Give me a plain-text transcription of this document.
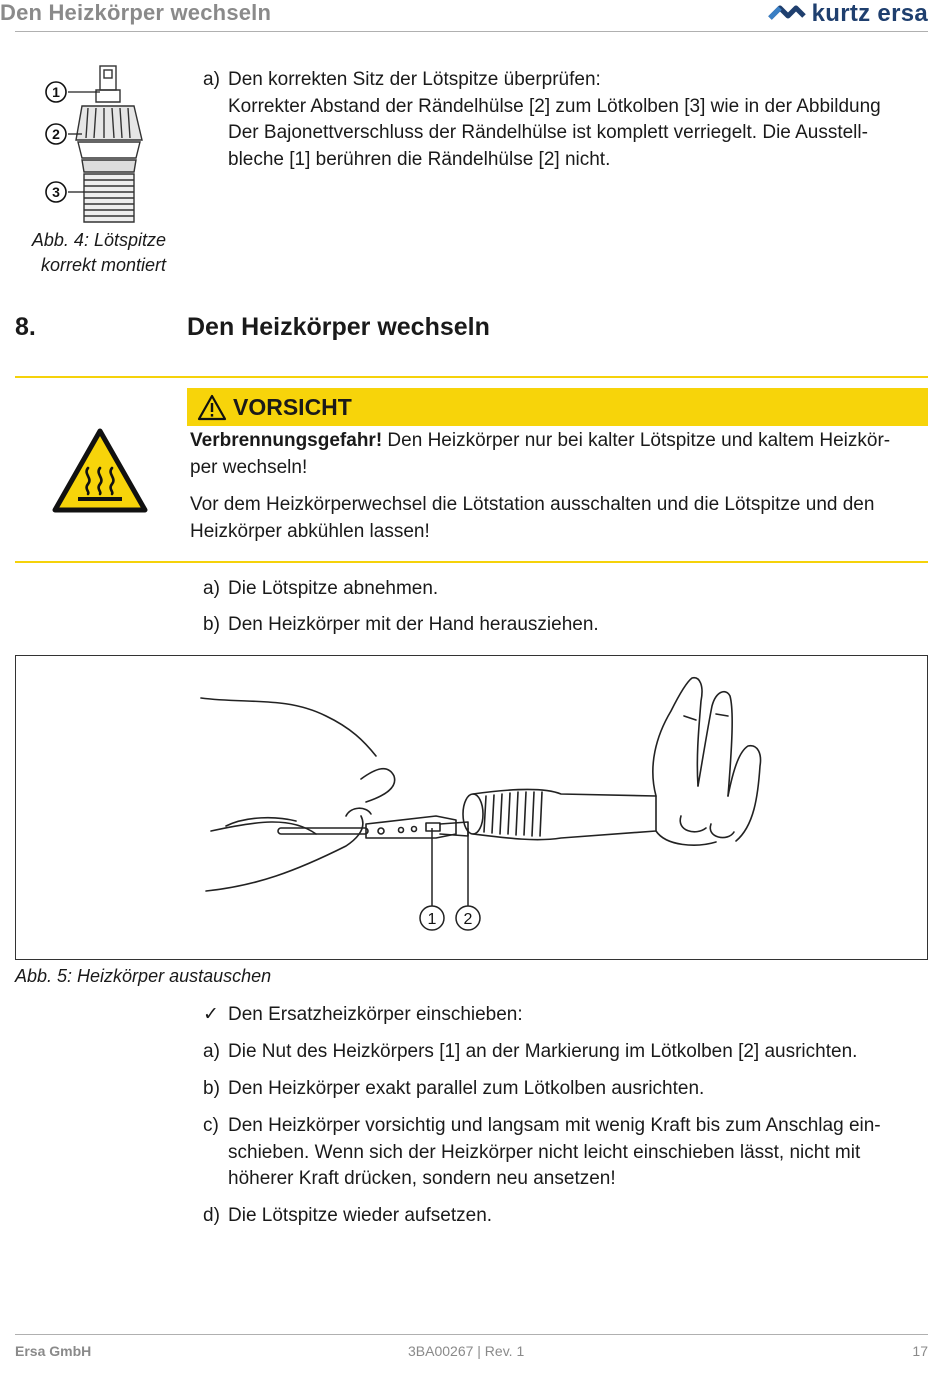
Den Heizkörper wechseln	kurtz ersa
1
2
3
Abb. 4: Lötspitze
korrekt montiert
a) Den korrekten Sitz der Lötspitze überprüfen:
Korrekter Abstand der Rändelhülse [2] zum Lötkolben [3] wie in der Abbildung
Der Bajonettverschluss der Rändelhülse ist komplett verriegelt. Die Ausstell-
bleche [1] berühren die Rändelhülse [2] nicht.
8.	Den Heizkörper wechseln
VORSICHT
Verbrennungsgefahr! Den Heizkörper nur bei kalter Lötspitze und kaltem Heizkör-
per wechseln!
Vor dem Heizkörperwechsel die Lötstation ausschalten und die Lötspitze und den
Heizkörper abkühlen lassen!
a) Die Lötspitze abnehmen.
b) Den Heizkörper mit der Hand herausziehen.
1 2
Abb. 5: Heizkörper austauschen
✓ Den Ersatzheizkörper einschieben:
a) Die Nut des Heizkörpers [1] an der Markierung im Lötkolben [2] ausrichten.
b) Den Heizkörper exakt parallel zum Lötkolben ausrichten.
c) Den Heizkörper vorsichtig und langsam mit wenig Kraft bis zum Anschlag ein-
schieben. Wenn sich der Heizkörper nicht leicht einschieben lässt, nicht mit
höherer Kraft drücken, sondern neu ansetzen!
d) Die Lötspitze wieder aufsetzen.
Ersa GmbH	3BA00267 | Rev. 1	17
